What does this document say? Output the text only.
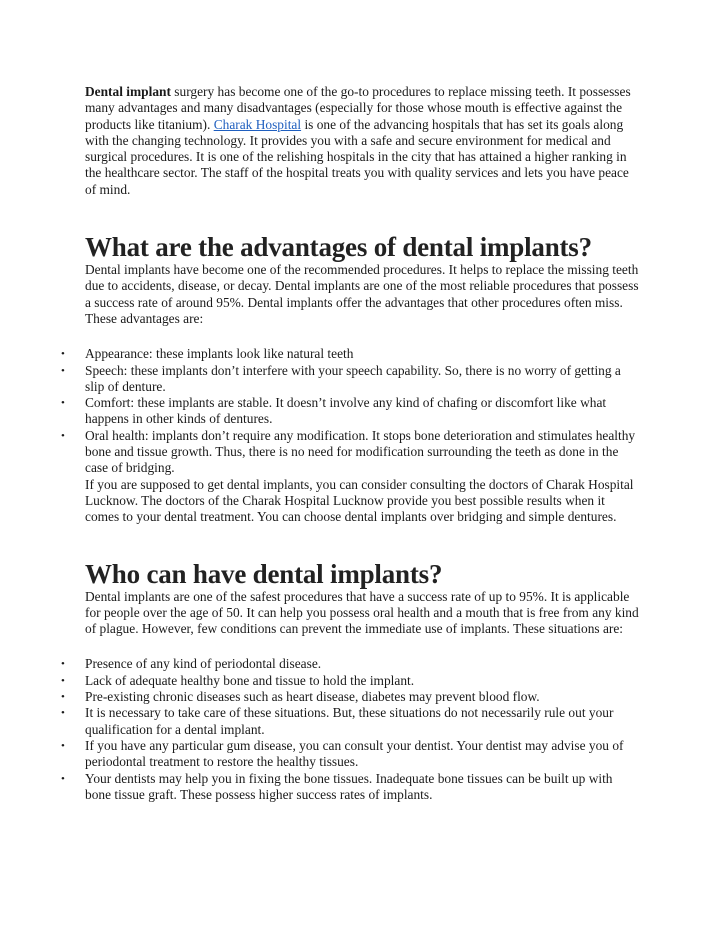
Dental implant surgery has become one of the go-to procedures to replace missing teeth. It possesses many advantages and many disadvantages (especially for those whose mouth is effective against the products like titanium). Charak Hospital is one of the advancing hospitals that has set its goals along with the changing technology. It provides you with a safe and secure environment for medical and surgical procedures. It is one of the relishing hospitals in the city that has attained a higher ranking in the healthcare sector. The staff of the hospital treats you with quality services and lets you have peace of mind.

What are the advantages of dental implants?

Dental implants have become one of the recommended procedures. It helps to replace the missing teeth due to accidents, disease, or decay. Dental implants are one of the most reliable procedures that possess a success rate of around 95%. Dental implants offer the advantages that other procedures often miss. These advantages are:

• Appearance: these implants look like natural teeth
• Speech: these implants don’t interfere with your speech capability. So, there is no worry of getting a slip of denture.
• Comfort: these implants are stable. It doesn’t involve any kind of chafing or discomfort like what happens in other kinds of dentures.
• Oral health: implants don’t require any modification. It stops bone deterioration and stimulates healthy bone and tissue growth. Thus, there is no need for modification surrounding the teeth as done in the case of bridging.
If you are supposed to get dental implants, you can consider consulting the doctors of Charak Hospital Lucknow. The doctors of the Charak Hospital Lucknow provide you best possible results when it comes to your dental treatment. You can choose dental implants over bridging and simple dentures.
Who can have dental implants?

Dental implants are one of the safest procedures that have a success rate of up to 95%. It is applicable for people over the age of 50. It can help you possess oral health and a mouth that is free from any kind of plague. However, few conditions can prevent the immediate use of implants. These situations are:

• Presence of any kind of periodontal disease.
• Lack of adequate healthy bone and tissue to hold the implant.
• Pre-existing chronic diseases such as heart disease, diabetes may prevent blood flow.
• It is necessary to take care of these situations. But, these situations do not necessarily rule out your qualification for a dental implant.
• If you have any particular gum disease, you can consult your dentist. Your dentist may advise you of periodontal treatment to restore the healthy tissues.
• Your dentists may help you in fixing the bone tissues. Inadequate bone tissues can be built up with bone tissue graft. These possess higher success rates of implants.
